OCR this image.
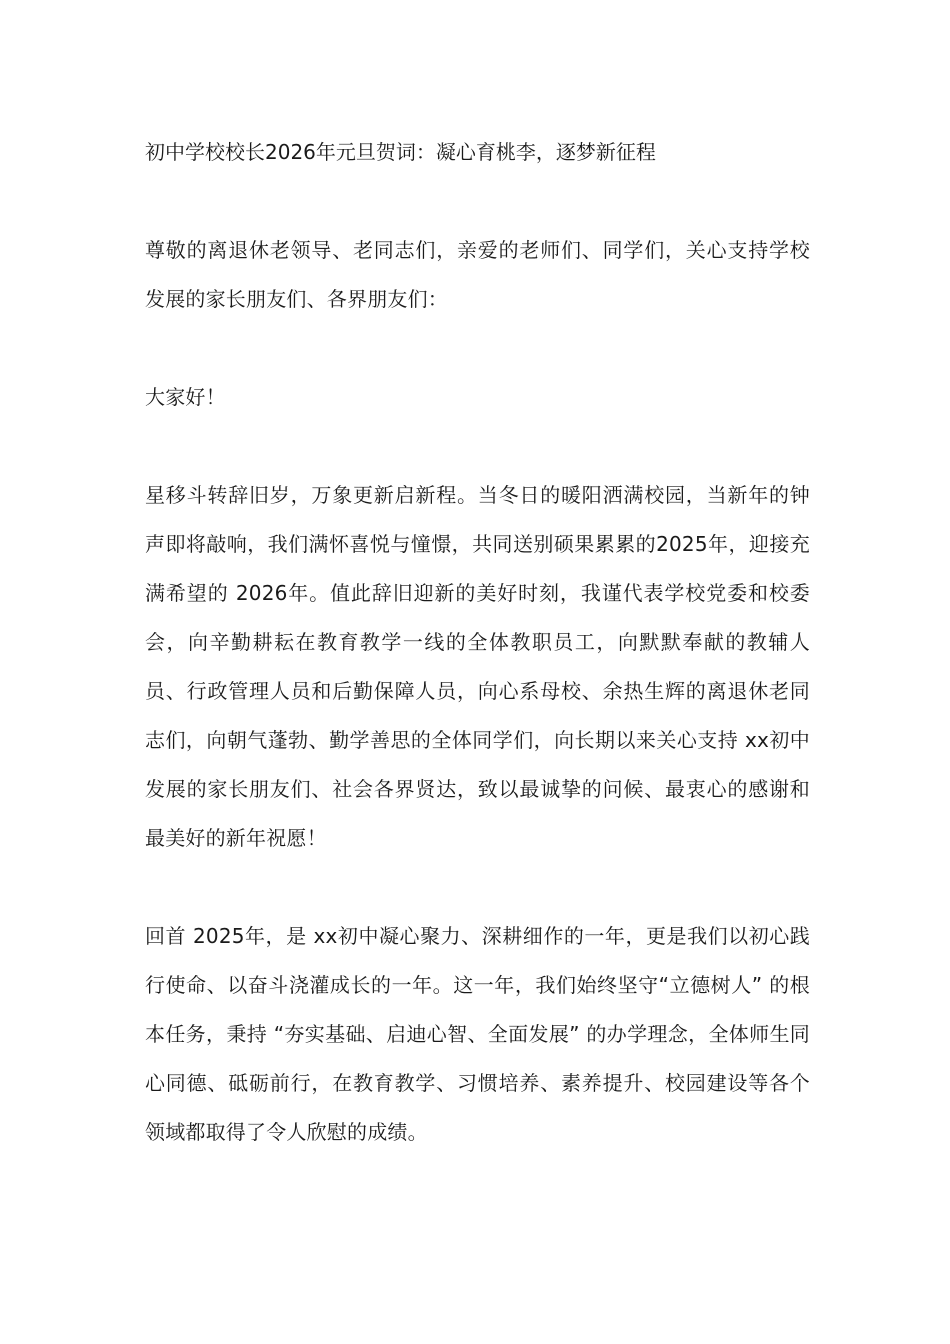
初中学校校长2026年元旦贺词：凝心育桃李，逐梦新征程

尊敬的离退休老领导、老同志们，亲爱的老师们、同学们，关心支持学校发展的家长朋友们、各界朋友们：

大家好！

星移斗转辞旧岁，万象更新启新程。当冬日的暖阳洒满校园，当新年的钟声即将敲响，我们满怀喜悦与憧憬，共同送别硕果累累的2025年，迎接充满希望的 2026年。值此辞旧迎新的美好时刻，我谨代表学校党委和校委会，向辛勤耕耘在教育教学一线的全体教职员工，向默默奉献的教辅人员、行政管理人员和后勤保障人员，向心系母校、余热生辉的离退休老同志们，向朝气蓬勃、勤学善思的全体同学们，向长期以来关心支持 xx初中发展的家长朋友们、社会各界贤达，致以最诚挚的问候、最衷心的感谢和最美好的新年祝愿！

回首 2025年，是 xx初中凝心聚力、深耕细作的一年，更是我们以初心践行使命、以奋斗浇灌成长的一年。这一年，我们始终坚守“立德树人” 的根本任务，秉持 “夯实基础、启迪心智、全面发展” 的办学理念，全体师生同心同德、砥砺前行，在教育教学、习惯培养、素养提升、校园建设等各个领域都取得了令人欣慰的成绩。
